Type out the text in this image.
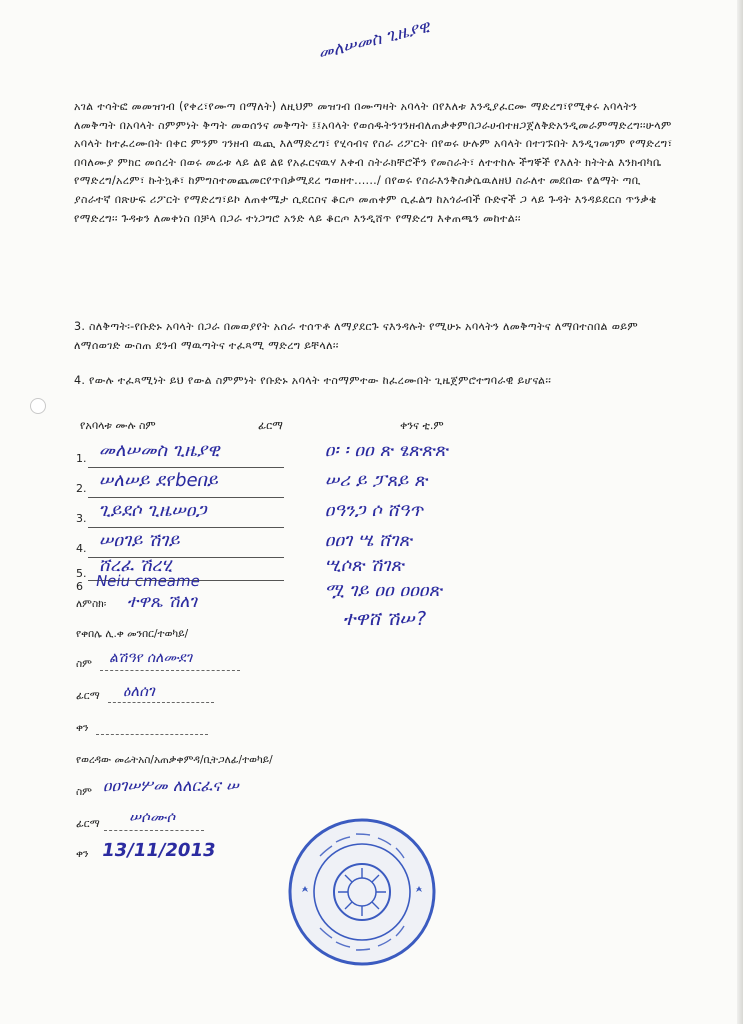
መለሠመስ ጊዜያዊ

አገል ተሳትፎ መመዝገብ (የቀረ፣የሙጣ በማለት) ለዚህም መዝገብ በሙጣዛት አባላት በየእለቱ እንዲያፈርሙ ማድረግ፣የሚቀሩ አባላትን ለመቅጣት በአባላት ስምምነት ቅጣት መወሰንና መቅጣት ፤፤አባላት የወሰዱትንገንዘብለጠቃቀምበጋራሀብተዘጋጀለቅድአንዲመራምማድረግ፡፡ሁላም አባላት ከተፈረሙበት በቀር ምንም ገንዘብ ዉጪ እለማድረግ፣ የሂሳብና የስራ ሪፖርት በየወሩ ሁሉም አባላት በተገኙበት እንዲገመገም የማድረግ፣ በባለሙያ ምክር መሰረት በወሩ መሬቱ ላይ ልዩ ልዩ የአፈርናዉሃ እቀብ ስትራክቸሮችን የመስራት፣ ለተተከሉ ችግኞች የእለት ክትትል እንክብካቤ የማድረግ/አረም፣ ኩትኳቶ፣ ከምግስተመጨመርየጥበቃሚደረ ግወዘተ....../ በየወሩ የስራእንቅስቃሴዉለዘህ ስራለተ መደበው የልማት ጣቢ ያስራተኛ በጽሁፍ ሪፖርት የማድረግ፣ይኮ ለጠቀሜታ ሲደርስና ቆርጦ መጠቀም ሲፈልግ ከአጎራብች ቡድኖች ጋ ላይ ጉዳት እንዳይደርስ ጥንቃቄ የማድረግ፡፡ ጉዳቱን ለመቀነስ በቻላ በጋራ ተነጋግሮ አንድ ላይ ቆርጦ እንዲሸጥ የማድረግ እቀጠጫን መከተል፡፡

3. ስለቅጣት፡-የቡድኑ አባላት በጋራ በመወያየት አሰራ ተሰጥቶ ለማያደርጉ ናእንዳሉት የሚሁኑ አባላትን ለመቅጣትና ለማበተስበል ወይም ለማሰወገድ ውስጠ ደንብ ማዉጣትና ተፈጻሚ ማድረግ ይቸላለ፡፡

4. የውሉ ተፈጻሚነት ይህ የውል ስምምነት የቡድኑ አባላት ተስማምተው ከፈረሙበት ጊዜጀምሮተግባራዊ ይሆናል፡፡

የአባላቱ ሙሉ ስም	ፊርማ	ቀንና ቲ.ም
1. መለሠመስ ጊዜያዊ	ዐ፡ ፡ ዐዐ ጽ ፄጽጽጽ
2. ሠለሠይ ደየbeበይ	ሠሪ ይ ፓጸይ ጽ
3. ጊይደሶ ጊዜሠዐጋ	ዐዓንጋ ሶ ሸዓጥ
4. ሠዐገይ ሽገይ	ዐዐገ ሤ ሸገጽ
5. ሸረፈ ሽረሂ	ሢሶጽ ሽገጽ
6 Neiu cmeame	ሟ ገይ ዐዐ ዐዐዐጽ
ለምስክ፡ ተዋጼ ሽለገ
ተዋሸ ሽሠ?
የቀበሌ ሊ.ቀ መንበር/ተወካይ/
ስም ልሽዓየ ሰለሙደገ
ፊርማ ዕለሰገ
ቀን
የወረዳው መሬትአስ/አጠቃቀምዳ/ቢትጋለፊ/ተወካይ/
ስም ዐዐገሠሦመ ለለርፈና ሠ
ፊርማ ሠሶሙሶ
ቀን 13/11/2013
